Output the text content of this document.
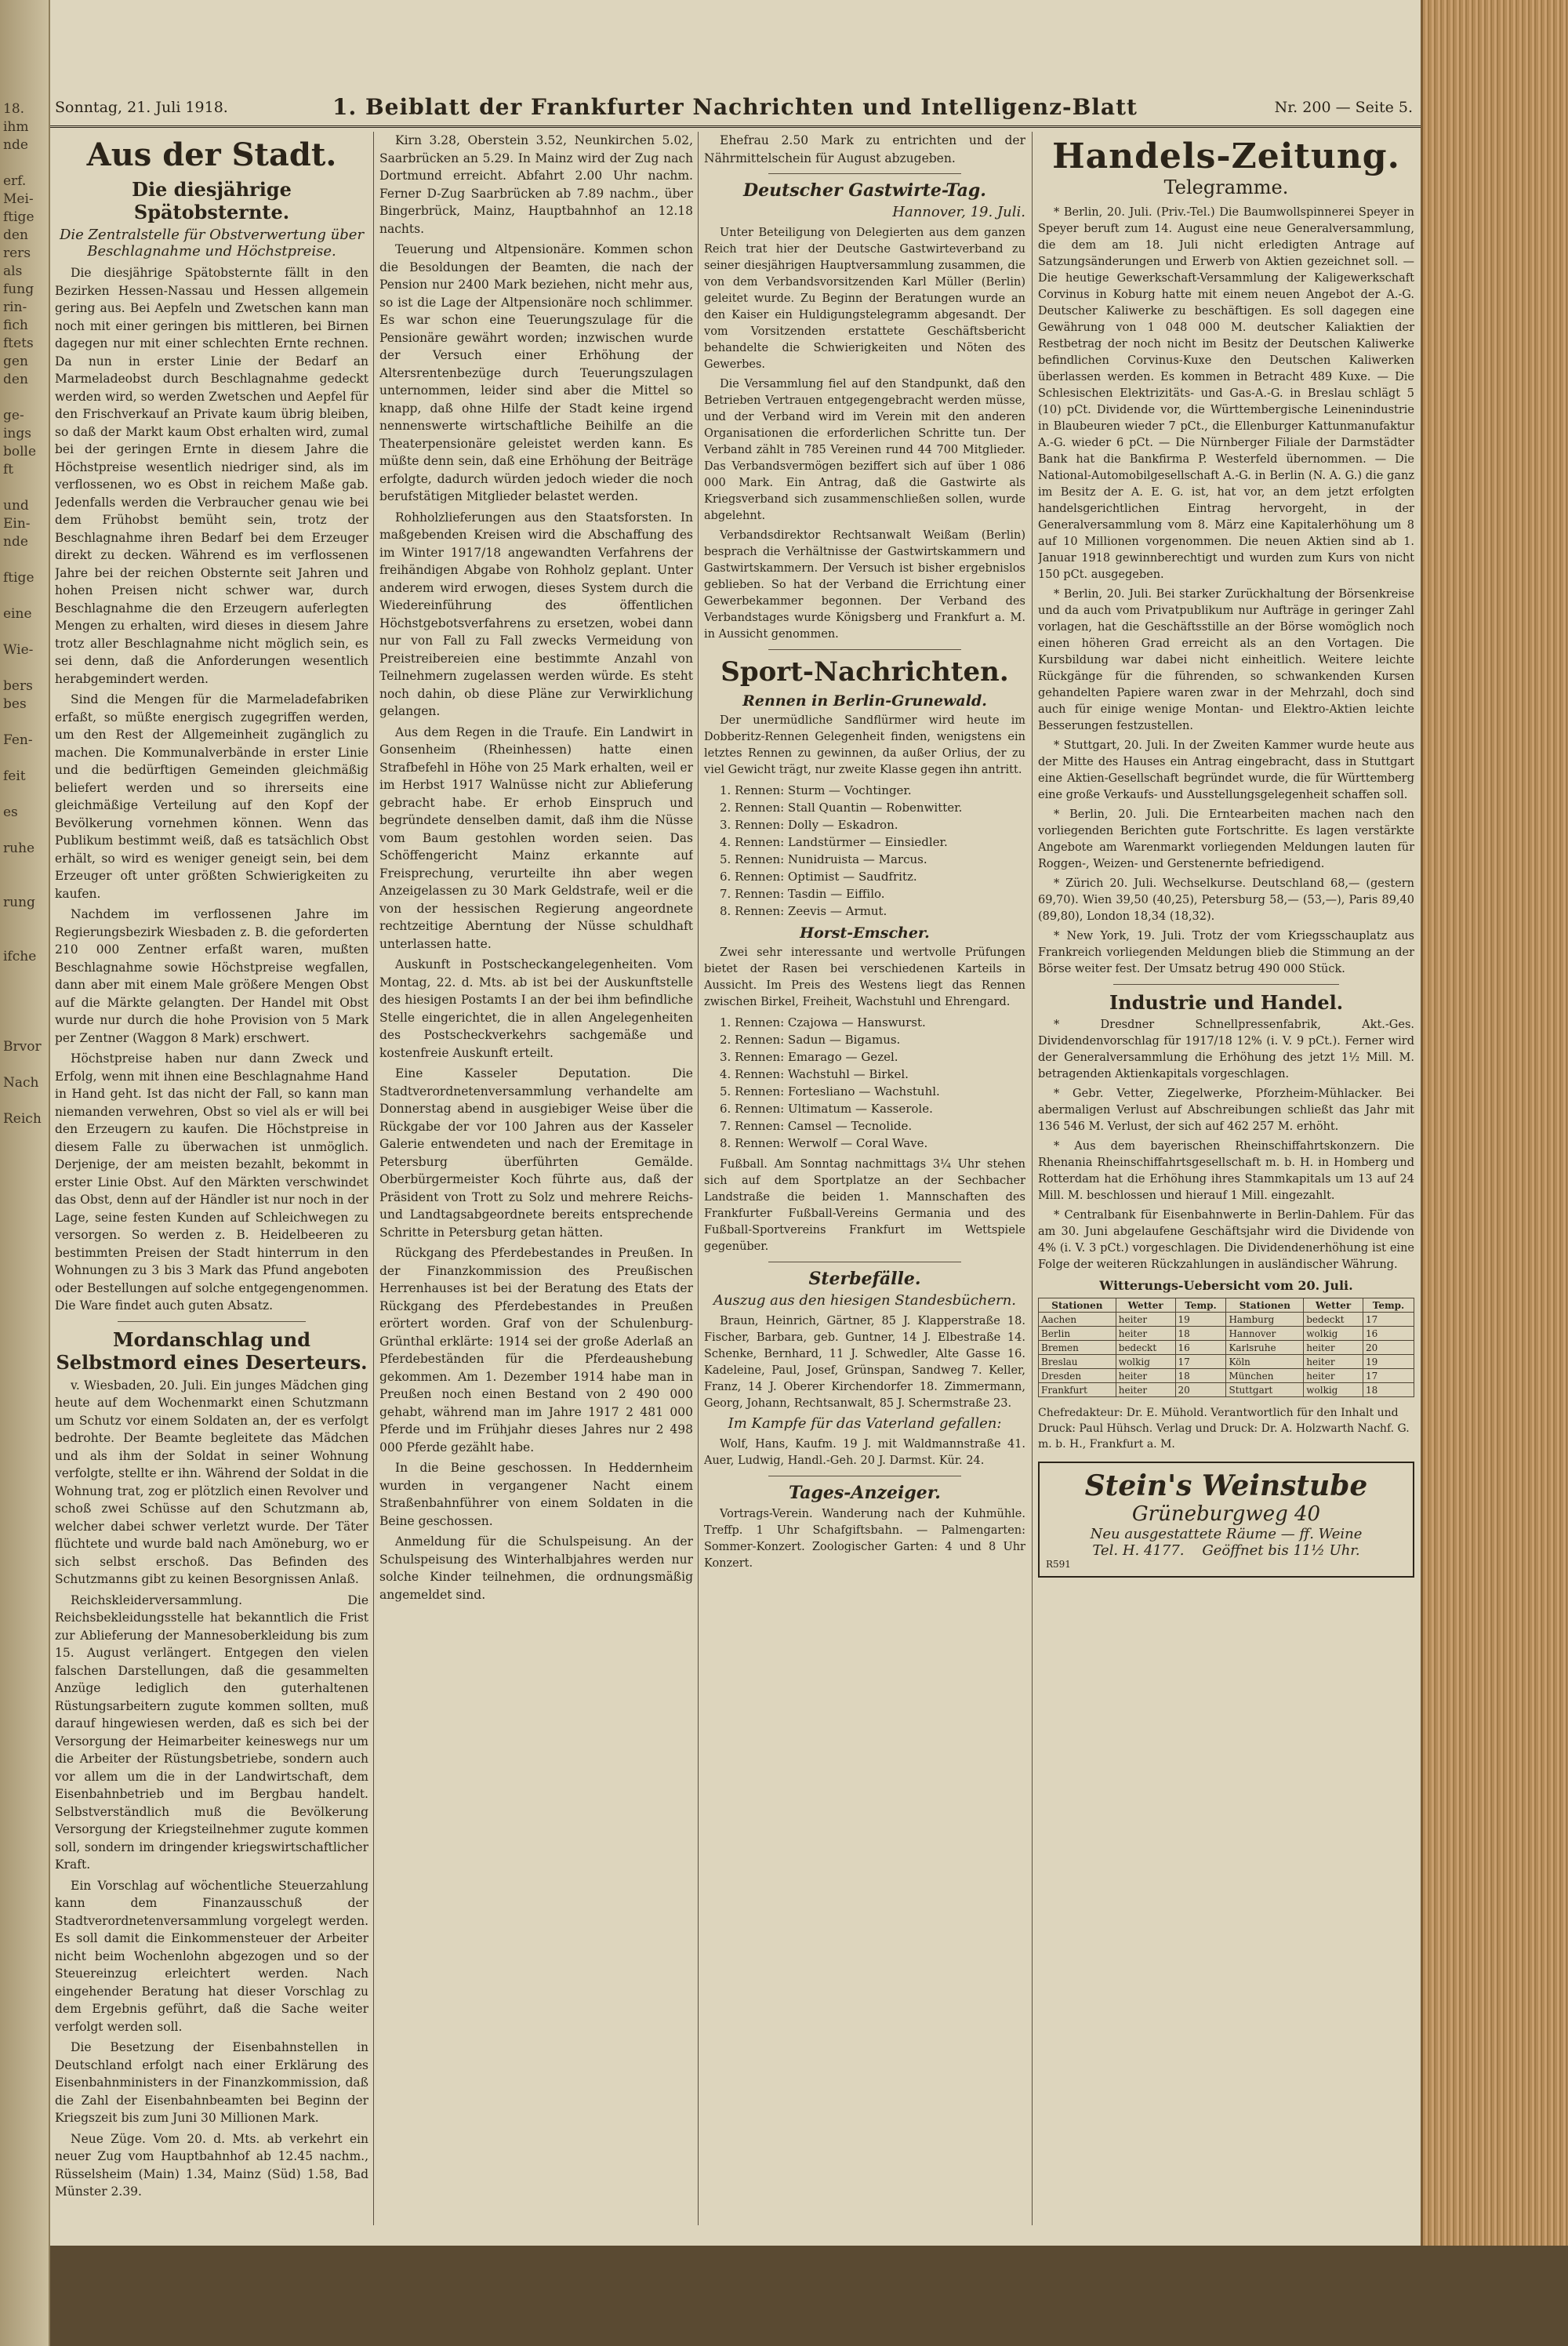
18.
ihm
nde

erf.
Mei-
ftige
den
rers
als
fung
rin-
fich
ftets
gen
den

ge-
ings
bolle
ft

und
Ein-
nde

ftige

eine

Wie-

bers
bes

Fen-

feit

es

ruhe

rung

ifche

Brvor

Nach

Reich
Sonntag, 21. Juli 1918.	1. Beiblatt der Frankfurter Nachrichten und Intelligenz-Blatt	Nr. 200 — Seite 5.
Aus der Stadt.
Die diesjährige Spätobsternte.
Die Zentralstelle für Obstverwertung über Beschlagnahme und Höchstpreise.

Die diesjährige Spätobsternte fällt in den Bezirken Hessen-Nassau und Hessen allgemein gering aus. Bei Aepfeln und Zwetschen kann man noch mit einer geringen bis mittleren, bei Birnen dagegen nur mit einer schlechten Ernte rechnen. Da nun in erster Linie der Bedarf an Marmeladeobst durch Beschlagnahme gedeckt werden wird, so werden Zwetschen und Aepfel für den Frischverkauf an Private kaum übrig bleiben, so daß der Markt kaum Obst erhalten wird, zumal bei der geringen Ernte in diesem Jahre die Höchstpreise wesentlich niedriger sind, als im verflossenen, wo es Obst in reichem Maße gab. Jedenfalls werden die Verbraucher genau wie bei dem Frühobst bemüht sein, trotz der Beschlagnahme ihren Bedarf bei dem Erzeuger direkt zu decken. Während es im verflossenen Jahre bei der reichen Obsternte seit Jahren und hohen Preisen nicht schwer war, durch Beschlagnahme die den Erzeugern auferlegten Mengen zu erhalten, wird dieses in diesem Jahre trotz aller Beschlagnahme nicht möglich sein, es sei denn, daß die Anforderungen wesentlich herabgemindert werden.

Sind die Mengen für die Marmeladefabriken erfaßt, so müßte energisch zugegriffen werden, um den Rest der Allgemeinheit zugänglich zu machen. Die Kommunalverbände in erster Linie und die bedürftigen Gemeinden gleichmäßig beliefert werden und so ihrerseits eine gleichmäßige Verteilung auf den Kopf der Bevölkerung vornehmen können. Wenn das Publikum bestimmt weiß, daß es tatsächlich Obst erhält, so wird es weniger geneigt sein, bei dem Erzeuger oft unter größten Schwierigkeiten zu kaufen.

Nachdem im verflossenen Jahre im Regierungsbezirk Wiesbaden z. B. die geforderten 210 000 Zentner erfaßt waren, mußten Beschlagnahme sowie Höchstpreise wegfallen, dann aber mit einem Male größere Mengen Obst auf die Märkte gelangten. Der Handel mit Obst wurde nur durch die hohe Provision von 5 Mark per Zentner (Waggon 8 Mark) erschwert.

Höchstpreise haben nur dann Zweck und Erfolg, wenn mit ihnen eine Beschlagnahme Hand in Hand geht. Ist das nicht der Fall, so kann man niemanden verwehren, Obst so viel als er will bei den Erzeugern zu kaufen. Die Höchstpreise in diesem Falle zu überwachen ist unmöglich. Derjenige, der am meisten bezahlt, bekommt in erster Linie Obst. Auf den Märkten verschwindet das Obst, denn auf der Händler ist nur noch in der Lage, seine festen Kunden auf Schleichwegen zu versorgen. So werden z. B. Heidelbeeren zu bestimmten Preisen der Stadt hinterrum in den Wohnungen zu 3 bis 3 Mark das Pfund angeboten oder Bestellungen auf solche entgegengenommen. Die Ware findet auch guten Absatz.

Mordanschlag und Selbstmord eines Deserteurs.

v. Wiesbaden, 20. Juli. Ein junges Mädchen ging heute auf dem Wochenmarkt einen Schutzmann um Schutz vor einem Soldaten an, der es verfolgt bedrohte. Der Beamte begleitete das Mädchen und als ihm der Soldat in seiner Wohnung verfolgte, stellte er ihn. Während der Soldat in die Wohnung trat, zog er plötzlich einen Revolver und schoß zwei Schüsse auf den Schutzmann ab, welcher dabei schwer verletzt wurde. Der Täter flüchtete und wurde bald nach Amöneburg, wo er sich selbst erschoß. Das Befinden des Schutzmanns gibt zu keinen Besorgnissen Anlaß.

Reichskleiderversammlung. Die Reichsbekleidungsstelle hat bekanntlich die Frist zur Ablieferung der Mannesoberkleidung bis zum 15. August verlängert. Entgegen den vielen falschen Darstellungen, daß die gesammelten Anzüge lediglich den guterhaltenen Rüstungsarbeitern zugute kommen sollten, muß darauf hingewiesen werden, daß es sich bei der Versorgung der Heimarbeiter keineswegs nur um die Arbeiter der Rüstungsbetriebe, sondern auch vor allem um die in der Landwirtschaft, dem Eisenbahnbetrieb und im Bergbau handelt. Selbstverständlich muß die Bevölkerung Versorgung der Kriegsteilnehmer zugute kommen soll, sondern im dringender kriegswirtschaftlicher Kraft.

Ein Vorschlag auf wöchentliche Steuerzahlung kann dem Finanzausschuß der Stadtverordnetenversammlung vorgelegt werden. Es soll damit die Einkommensteuer der Arbeiter nicht beim Wochenlohn abgezogen und so der Steuereinzug erleichtert werden. Nach eingehender Beratung hat dieser Vorschlag zu dem Ergebnis geführt, daß die Sache weiter verfolgt werden soll.

Die Besetzung der Eisenbahnstellen in Deutschland erfolgt nach einer Erklärung des Eisenbahnministers in der Finanzkommission, daß die Zahl der Eisenbahnbeamten bei Beginn der Kriegszeit bis zum Juni 30 Millionen Mark.

Neue Züge. Vom 20. d. Mts. ab verkehrt ein neuer Zug vom Hauptbahnhof ab 12.45 nachm., Rüsselsheim (Main) 1.34, Mainz (Süd) 1.58, Bad Münster 2.39.

Kirn 3.28, Oberstein 3.52, Neunkirchen 5.02, Saarbrücken an 5.29. In Mainz wird der Zug nach Dortmund erreicht. Abfahrt 2.00 Uhr nachm. Ferner D-Zug Saarbrücken ab 7.89 nachm., über Bingerbrück, Mainz, Hauptbahnhof an 12.18 nachts.

Teuerung und Altpensionäre. Kommen schon die Besoldungen der Beamten, die nach der Pension nur 2400 Mark beziehen, nicht mehr aus, so ist die Lage der Altpensionäre noch schlimmer. Es war schon eine Teuerungszulage für die Pensionäre gewährt worden; inzwischen wurde der Versuch einer Erhöhung der Altersrentenbezüge durch Teuerungszulagen unternommen, leider sind aber die Mittel so knapp, daß ohne Hilfe der Stadt keine irgend nennenswerte wirtschaftliche Beihilfe an die Theaterpensionäre geleistet werden kann. Es müßte denn sein, daß eine Erhöhung der Beiträge erfolgte, dadurch würden jedoch wieder die noch berufstätigen Mitglieder belastet werden.

Rohholzlieferungen aus den Staatsforsten. In maßgebenden Kreisen wird die Abschaffung des im Winter 1917/18 angewandten Verfahrens der freihändigen Abgabe von Rohholz geplant. Unter anderem wird erwogen, dieses System durch die Wiedereinführung des öffentlichen Höchstgebotsverfahrens zu ersetzen, wobei dann nur von Fall zu Fall zwecks Vermeidung von Preistreibereien eine bestimmte Anzahl von Teilnehmern zugelassen werden würde. Es steht noch dahin, ob diese Pläne zur Verwirklichung gelangen.

Aus dem Regen in die Traufe. Ein Landwirt in Gonsenheim (Rheinhessen) hatte einen Strafbefehl in Höhe von 25 Mark erhalten, weil er im Herbst 1917 Walnüsse nicht zur Ablieferung gebracht habe. Er erhob Einspruch und begründete denselben damit, daß ihm die Nüsse vom Baum gestohlen worden seien. Das Schöffengericht Mainz erkannte auf Freisprechung, verurteilte ihn aber wegen Anzeigelassen zu 30 Mark Geldstrafe, weil er die von der hessischen Regierung angeordnete rechtzeitige Aberntung der Nüsse schuldhaft unterlassen hatte.

Auskunft in Postscheckangelegenheiten. Vom Montag, 22. d. Mts. ab ist bei der Auskunftstelle des hiesigen Postamts I an der bei ihm befindliche Stelle eingerichtet, die in allen Angelegenheiten des Postscheckverkehrs sachgemäße und kostenfreie Auskunft erteilt.

Eine Kasseler Deputation. Die Stadtverordnetenversammlung verhandelte am Donnerstag abend in ausgiebiger Weise über die Rückgabe der vor 100 Jahren aus der Kasseler Galerie entwendeten und nach der Eremitage in Petersburg überführten Gemälde. Oberbürgermeister Koch führte aus, daß der Präsident von Trott zu Solz und mehrere Reichs- und Landtagsabgeordnete bereits entsprechende Schritte in Petersburg getan hätten.

Rückgang des Pferdebestandes in Preußen. In der Finanzkommission des Preußischen Herrenhauses ist bei der Beratung des Etats der Rückgang des Pferdebestandes in Preußen erörtert worden. Graf von der Schulenburg-Grünthal erklärte: 1914 sei der große Aderlaß an Pferdebeständen für die Pferdeaushebung gekommen. Am 1. Dezember 1914 habe man in Preußen noch einen Bestand von 2 490 000 gehabt, während man im Jahre 1917 2 481 000 Pferde und im Frühjahr dieses Jahres nur 2 498 000 Pferde gezählt habe.

In die Beine geschossen. In Heddernheim wurden in vergangener Nacht einem Straßenbahnführer von einem Soldaten in die Beine geschossen.

Anmeldung für die Schulspeisung. An der Schulspeisung des Winterhalbjahres werden nur solche Kinder teilnehmen, die ordnungsmäßig angemeldet sind.

Ehefrau 2.50 Mark zu entrichten und der Nährmittelschein für August abzugeben.

Deutscher Gastwirte-Tag.
Hannover, 19. Juli.

Unter Beteiligung von Delegierten aus dem ganzen Reich trat hier der Deutsche Gastwirteverband zu seiner diesjährigen Hauptversammlung zusammen, die von dem Verbandsvorsitzenden Karl Müller (Berlin) geleitet wurde. Zu Beginn der Beratungen wurde an den Kaiser ein Huldigungstelegramm abgesandt. Der vom Vorsitzenden erstattete Geschäftsbericht behandelte die Schwierigkeiten und Nöten des Gewerbes.

Die Versammlung fiel auf den Standpunkt, daß den Betrieben Vertrauen entgegengebracht werden müsse, und der Verband wird im Verein mit den anderen Organisationen die erforderlichen Schritte tun. Der Verband zählt in 785 Vereinen rund 44 700 Mitglieder. Das Verbandsvermögen beziffert sich auf über 1 086 000 Mark. Ein Antrag, daß die Gastwirte als Kriegsverband sich zusammenschließen sollen, wurde abgelehnt.

Verbandsdirektor Rechtsanwalt Weißam (Berlin) besprach die Verhältnisse der Gastwirtskammern und Gastwirtskammern. Der Versuch ist bisher ergebnislos geblieben. So hat der Verband die Errichtung einer Gewerbekammer begonnen. Der Verband des Verbandstages wurde Königsberg und Frankfurt a. M. in Aussicht genommen.

Sport-Nachrichten.
Rennen in Berlin-Grunewald.

Der unermüdliche Sandflürmer wird heute im Dobberitz-Rennen Gelegenheit finden, wenigstens ein letztes Rennen zu gewinnen, da außer Orlius, der zu viel Gewicht trägt, nur zweite Klasse gegen ihn antritt.

1. Rennen: Sturm — Vochtinger.
2. Rennen: Stall Quantin — Robenwitter.
3. Rennen: Dolly — Eskadron.
4. Rennen: Landstürmer — Einsiedler.
5. Rennen: Nunidruista — Marcus.
6. Rennen: Optimist — Saudfritz.
7. Rennen: Tasdin — Eiffilo.
8. Rennen: Zeevis — Armut.
Horst-Emscher.

Zwei sehr interessante und wertvolle Prüfungen bietet der Rasen bei verschiedenen Karteils in Aussicht. Im Preis des Westens liegt das Rennen zwischen Birkel, Freiheit, Wachstuhl und Ehrengard.

1. Rennen: Czajowa — Hanswurst.
2. Rennen: Sadun — Bigamus.
3. Rennen: Emarago — Gezel.
4. Rennen: Wachstuhl — Birkel.
5. Rennen: Fortesliano — Wachstuhl.
6. Rennen: Ultimatum — Kasserole.
7. Rennen: Camsel — Tecnolide.
8. Rennen: Werwolf — Coral Wave.

Fußball. Am Sonntag nachmittags 3¼ Uhr stehen sich auf dem Sportplatze an der Sechbacher Landstraße die beiden 1. Mannschaften des Frankfurter Fußball-Vereins Germania und des Fußball-Sportvereins Frankfurt im Wettspiele gegenüber.

Sterbefälle.
Auszug aus den hiesigen Standesbüchern.

Braun, Heinrich, Gärtner, 85 J. Klapperstraße 18. Fischer, Barbara, geb. Guntner, 14 J. Elbestraße 14. Schenke, Bernhard, 11 J. Schwedler, Alte Gasse 16. Kadeleine, Paul, Josef, Grünspan, Sandweg 7. Keller, Franz, 14 J. Oberer Kirchendorfer 18. Zimmermann, Georg, Johann, Rechtsanwalt, 85 J. Schermstraße 23.

Im Kampfe für das Vaterland gefallen:

Wolf, Hans, Kaufm. 19 J. mit Waldmannstraße 41. Auer, Ludwig, Handl.-Geh. 20 J. Darmst. Kür. 24.

Tages-Anzeiger.

Vortrags-Verein. Wanderung nach der Kuhmühle. Treffp. 1 Uhr Schafgiftsbahn. — Palmengarten: Sommer-Konzert. Zoologischer Garten: 4 und 8 Uhr Konzert.

Handels-Zeitung.
Telegramme.

* Berlin, 20. Juli. (Priv.-Tel.) Die Baumwollspinnerei Speyer in Speyer beruft zum 14. August eine neue Generalversammlung, die dem am 18. Juli nicht erledigten Antrage auf Satzungsänderungen und Erwerb von Aktien gezeichnet soll. — Die heutige Gewerkschaft-Versammlung der Kaligewerkschaft Corvinus in Koburg hatte mit einem neuen Angebot der A.-G. Deutscher Kaliwerke zu beschäftigen. Es soll dagegen eine Gewährung von 1 048 000 M. deutscher Kaliaktien der Restbetrag der noch nicht im Besitz der Deutschen Kaliwerke befindlichen Corvinus-Kuxe den Deutschen Kaliwerken überlassen werden. Es kommen in Betracht 489 Kuxe. — Die Schlesischen Elektrizitäts- und Gas-A.-G. in Breslau schlägt 5 (10) pCt. Dividende vor, die Württembergische Leinenindustrie in Blaubeuren wieder 7 pCt., die Ellenburger Kattunmanufaktur A.-G. wieder 6 pCt. — Die Nürnberger Filiale der Darmstädter Bank hat die Bankfirma P. Westerfeld übernommen. — Die National-Automobilgesellschaft A.-G. in Berlin (N. A. G.) die ganz im Besitz der A. E. G. ist, hat vor, an dem jetzt erfolgten handelsgerichtlichen Eintrag hervorgeht, in der Generalversammlung vom 8. März eine Kapitalerhöhung um 8 auf 10 Millionen vorgenommen. Die neuen Aktien sind ab 1. Januar 1918 gewinnberechtigt und wurden zum Kurs von nicht 150 pCt. ausgegeben.

* Berlin, 20. Juli. Bei starker Zurückhaltung der Börsenkreise und da auch vom Privatpublikum nur Aufträge in geringer Zahl vorlagen, hat die Geschäftsstille an der Börse womöglich noch einen höheren Grad erreicht als an den Vortagen. Die Kursbildung war dabei nicht einheitlich. Weitere leichte Rückgänge für die führenden, so schwankenden Kursen gehandelten Papiere waren zwar in der Mehrzahl, doch sind auch für einige wenige Montan- und Elektro-Aktien leichte Besserungen festzustellen.

* Stuttgart, 20. Juli. In der Zweiten Kammer wurde heute aus der Mitte des Hauses ein Antrag eingebracht, dass in Stuttgart eine Aktien-Gesellschaft begründet wurde, die für Württemberg eine große Verkaufs- und Ausstellungsgelegenheit schaffen soll.

* Berlin, 20. Juli. Die Erntearbeiten machen nach den vorliegenden Berichten gute Fortschritte. Es lagen verstärkte Angebote am Warenmarkt vorliegenden Meldungen lauten für Roggen-, Weizen- und Gerstenernte befriedigend.

* Zürich 20. Juli. Wechselkurse. Deutschland 68,— (gestern 69,70). Wien 39,50 (40,25), Petersburg 58,— (53,—), Paris 89,40 (89,80), London 18,34 (18,32).

* New York, 19. Juli. Trotz der vom Kriegsschauplatz aus Frankreich vorliegenden Meldungen blieb die Stimmung an der Börse weiter fest. Der Umsatz betrug 490 000 Stück.

Industrie und Handel.

* Dresdner Schnellpressenfabrik, Akt.-Ges. Dividendenvorschlag für 1917/18 12% (i. V. 9 pCt.). Ferner wird der Generalversammlung die Erhöhung des jetzt 1½ Mill. M. betragenden Aktienkapitals vorgeschlagen.

* Gebr. Vetter, Ziegelwerke, Pforzheim-Mühlacker. Bei abermaligen Verlust auf Abschreibungen schließt das Jahr mit 136 546 M. Verlust, der sich auf 462 257 M. erhöht.

* Aus dem bayerischen Rheinschiffahrtskonzern. Die Rhenania Rheinschiffahrtsgesellschaft m. b. H. in Homberg und Rotterdam hat die Erhöhung ihres Stammkapitals um 13 auf 24 Mill. M. beschlossen und hierauf 1 Mill. eingezahlt.

* Centralbank für Eisenbahnwerte in Berlin-Dahlem. Für das am 30. Juni abgelaufene Geschäftsjahr wird die Dividende von 4% (i. V. 3 pCt.) vorgeschlagen. Die Dividendenerhöhung ist eine Folge der weiteren Rückzahlungen in ausländischer Währung.

Witterungs-Uebersicht vom 20. Juli.
Stationen	Wetter	Temp.	Stationen	Wetter	Temp.
Aachen	heiter	19	Hamburg	bedeckt	17
Berlin	heiter	18	Hannover	wolkig	16
Bremen	bedeckt	16	Karlsruhe	heiter	20
Breslau	wolkig	17	Köln	heiter	19
Dresden	heiter	18	München	heiter	17
Frankfurt	heiter	20	Stuttgart	wolkig	18
Chefredakteur: Dr. E. Mühold. Verantwortlich für den Inhalt und Druck: Paul Hühsch. Verlag und Druck: Dr. A. Holzwarth Nachf. G. m. b. H., Frankfurt a. M.
Stein's Weinstube
Grüneburgweg 40
Neu ausgestattete Räume — ff. Weine
Tel. H. 4177. Geöffnet bis 11½ Uhr.
R591
